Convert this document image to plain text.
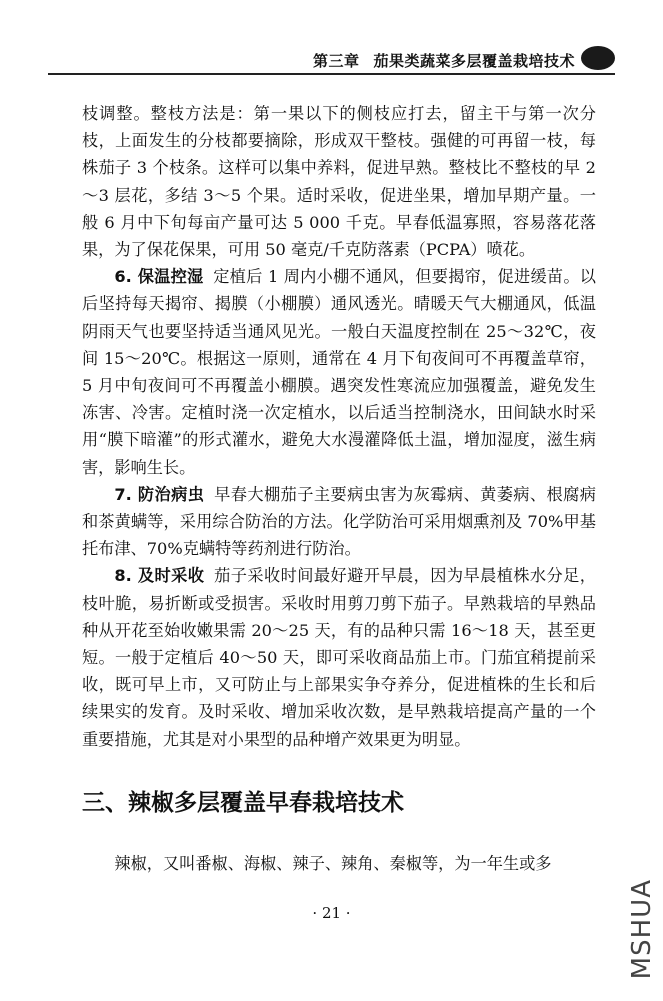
第三章 茄果类蔬菜多层覆盖栽培技术

枝调整。整枝方法是：第一果以下的侧枝应打去，留主干与第一次分枝，上面发生的分枝都要摘除，形成双干整枝。强健的可再留一枝，每株茄子 3 个枝条。这样可以集中养料，促进早熟。整枝比不整枝的早 2～3 层花，多结 3～5 个果。适时采收，促进坐果，增加早期产量。一般 6 月中下旬每亩产量可达 5 000 千克。早春低温寡照，容易落花落果，为了保花保果，可用 50 毫克/千克防落素（PCPA）喷花。

6. 保温控湿 定植后 1 周内小棚不通风，但要揭帘，促进缓苗。以后坚持每天揭帘、揭膜（小棚膜）通风透光。晴暖天气大棚通风，低温阴雨天气也要坚持适当通风见光。一般白天温度控制在 25～32℃，夜间 15～20℃。根据这一原则，通常在 4 月下旬夜间可不再覆盖草帘，5 月中旬夜间可不再覆盖小棚膜。遇突发性寒流应加强覆盖，避免发生冻害、冷害。定植时浇一次定植水，以后适当控制浇水，田间缺水时采用“膜下暗灌”的形式灌水，避免大水漫灌降低土温，增加湿度，滋生病害，影响生长。

7. 防治病虫 早春大棚茄子主要病虫害为灰霉病、黄萎病、根腐病和茶黄螨等，采用综合防治的方法。化学防治可采用烟熏剂及 70%甲基托布津、70%克螨特等药剂进行防治。

8. 及时采收 茄子采收时间最好避开早晨，因为早晨植株水分足，枝叶脆，易折断或受损害。采收时用剪刀剪下茄子。早熟栽培的早熟品种从开花至始收嫩果需 20～25 天，有的品种只需 16～18 天，甚至更短。一般于定植后 40～50 天，即可采收商品茄上市。门茄宜稍提前采收，既可早上市，又可防止与上部果实争夺养分，促进植株的生长和后续果实的发育。及时采收、增加采收次数，是早熟栽培提高产量的一个重要措施，尤其是对小果型的品种增产效果更为明显。

三、辣椒多层覆盖早春栽培技术

辣椒，又叫番椒、海椒、辣子、辣角、秦椒等，为一年生或多

· 21 ·	MSHUA
